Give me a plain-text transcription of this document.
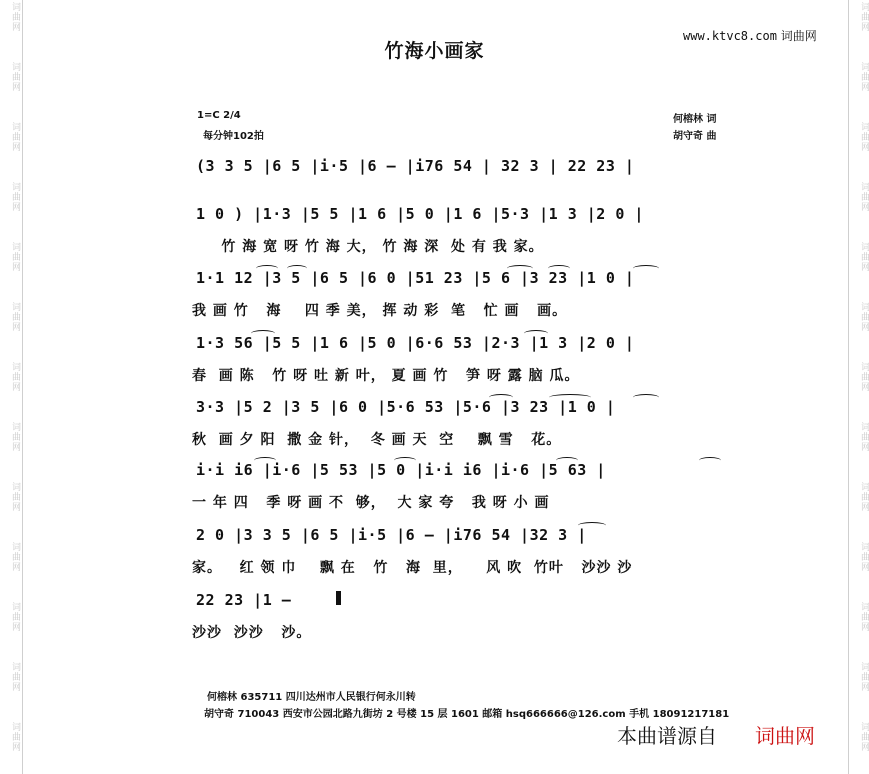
词曲网
词曲网
词曲网
词曲网
词曲网
词曲网
词曲网
词曲网
词曲网
词曲网
词曲网
词曲网
词曲网
词曲网
词曲网
词曲网
词曲网
词曲网
词曲网
词曲网
词曲网
词曲网
词曲网
词曲网
词曲网
词曲网
www.ktvc8.com 词曲网
竹海小画家
1=C 2/4
每分钟102拍
何榕林 词
胡守奇 曲
(3 3 5 |6 5 |i·5 |6 — |i76 54 | 32 3 | 22 23 |
1 0 ) |1·3 |5 5 |1 6 |5 0 |1 6 |5·3 |1 3 |2 0 |
竹 海 宽 呀 竹 海 大， 竹 海 深  处 有 我 家。
1·1 12 |3 5 |6 5 |6 0 |51 23 |5 6 |3 23 |1 0 |
我 画 竹   海    四 季 美， 挥 动 彩  笔   忙 画   画。
1·3 56 |5 5 |1 6 |5 0 |6·6 53 |2·3 |1 3 |2 0 |
春  画 陈   竹 呀 吐 新 叶， 夏 画 竹   笋 呀 露 脑 瓜。
3·3 |5 2 |3 5 |6 0 |5·6 53 |5·6 |3 23 |1 0 |
秋  画 夕 阳  撒 金 针，  冬 画 天  空    飘 雪   花。
i·i i6 |i·6 |5 53 |5 0 |i·i i6 |i·6 |5 63 |
一 年 四   季 呀 画 不  够，  大 家 夸   我 呀 小 画
2 0 |3 3 5 |6 5 |i·5 |6 — |i76 54 |32 3 |
家。   红 领 巾    飘 在   竹   海  里，    风 吹  竹叶   沙沙 沙
22 23 |1 —
沙沙  沙沙   沙。
何榕林 635711 四川达州市人民银行何永川转
胡守奇 710043 西安市公园北路九街坊 2 号楼 15 层 1601 邮箱 hsq666666@126.com 手机 18091217181
本曲谱源自 词曲网
